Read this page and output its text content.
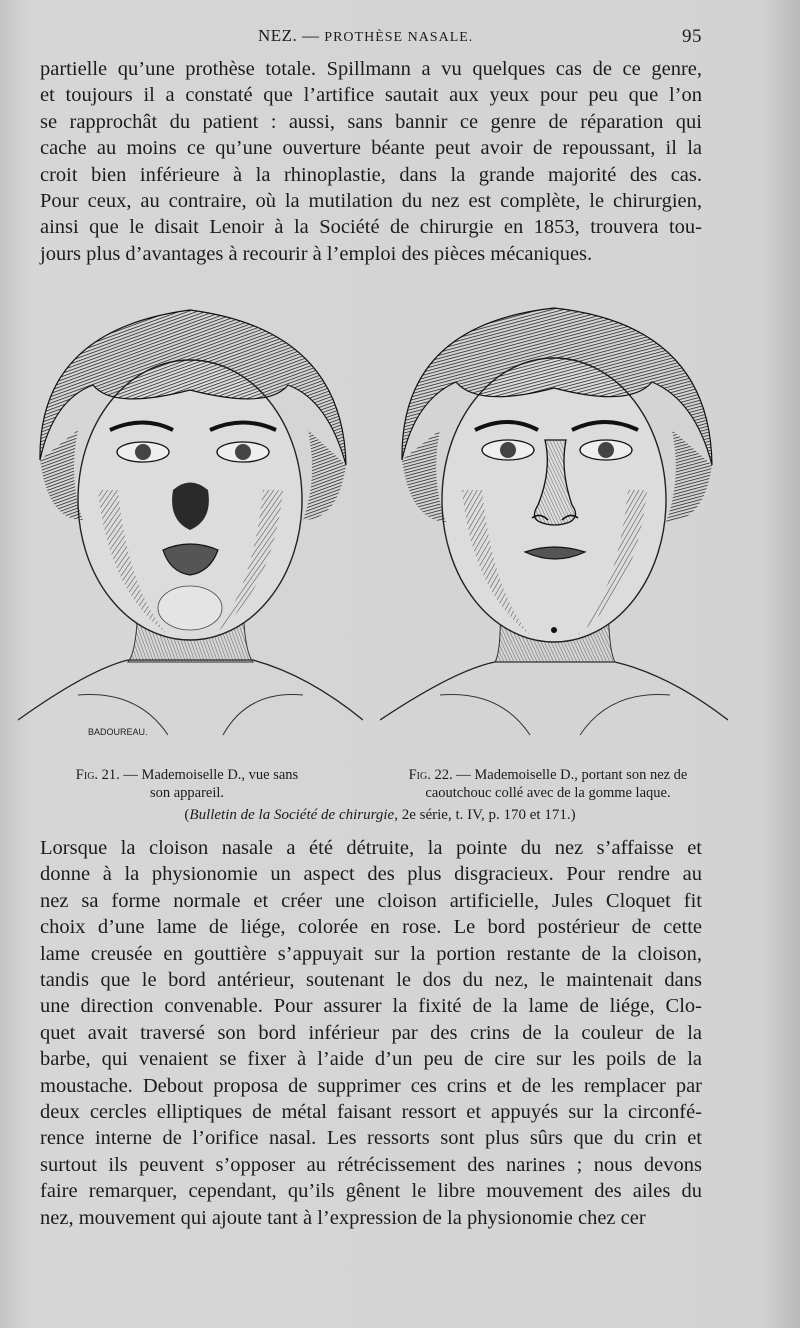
NEZ. — PROTHÈSE NASALE.	95
partielle qu’une prothèse totale. Spillmann a vu quelques cas de ce genre,
et toujours il a constaté que l’artifice sautait aux yeux pour peu que l’on
se rapprochât du patient : aussi, sans bannir ce genre de réparation qui
cache au moins ce qu’une ouverture béante peut avoir de repoussant, il la
croit bien inférieure à la rhinoplastie, dans la grande majorité des cas.
Pour ceux, au contraire, où la mutilation du nez est complète, le chirurgien,
ainsi que le disait Lenoir à la Société de chirurgie en 1853, trouvera tou-
jours plus d’avantages à recourir à l’emploi des pièces mécaniques.
BADOUREAU.
Fig. 21. — Mademoiselle D., vue sans
son appareil.
Fig. 22. — Mademoiselle D., portant son nez de
caoutchouc collé avec de la gomme laque.
(Bulletin de la Société de chirurgie, 2e série, t. IV, p. 170 et 171.)
Lorsque la cloison nasale a été détruite, la pointe du nez s’affaisse et
donne à la physionomie un aspect des plus disgracieux. Pour rendre au
nez sa forme normale et créer une cloison artificielle, Jules Cloquet fit
choix d’une lame de liége, colorée en rose. Le bord postérieur de cette
lame creusée en gouttière s’appuyait sur la portion restante de la cloison,
tandis que le bord antérieur, soutenant le dos du nez, le maintenait dans
une direction convenable. Pour assurer la fixité de la lame de liége, Clo-
quet avait traversé son bord inférieur par des crins de la couleur de la
barbe, qui venaient se fixer à l’aide d’un peu de cire sur les poils de la
moustache. Debout proposa de supprimer ces crins et de les remplacer par
deux cercles elliptiques de métal faisant ressort et appuyés sur la circonfé-
rence interne de l’orifice nasal. Les ressorts sont plus sûrs que du crin et
surtout ils peuvent s’opposer au rétrécissement des narines ; nous devons
faire remarquer, cependant, qu’ils gênent le libre mouvement des ailes du
nez, mouvement qui ajoute tant à l’expression de la physionomie chez cer
